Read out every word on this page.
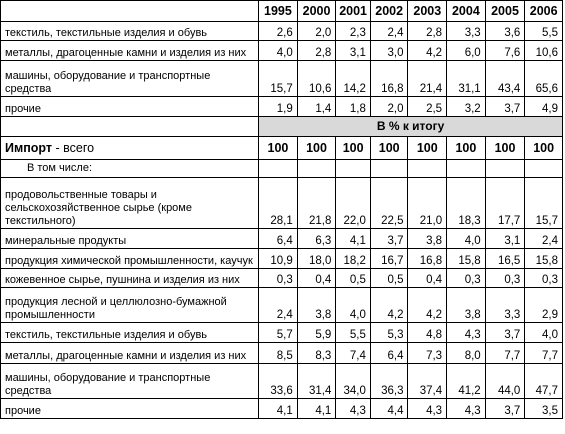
	1995	2000	2001	2002	2003	2004	2005	2006
текстиль, текстильные изделия и обувь	2,6	2,0	2,3	2,4	2,8	3,3	3,6	5,5
металлы, драгоценные камни и изделия из них	4,0	2,8	3,1	3,0	4,2	6,0	7,6	10,6
машины, оборудование и транспортные средства	15,7	10,6	14,2	16,8	21,4	31,1	43,4	65,6
прочие	1,9	1,4	1,8	2,0	2,5	3,2	3,7	4,9
	В % к итогу							
Импорт - всего	100	100	100	100	100	100	100	100
В том числе:								
продовольственные товары и сельскохозяйственное сырье (кроме текстильного)	28,1	21,8	22,0	22,5	21,0	18,3	17,7	15,7
минеральные продукты	6,4	6,3	4,1	3,7	3,8	4,0	3,1	2,4
продукция химической промышленности, каучук	10,9	18,0	18,2	16,7	16,8	15,8	16,5	15,8
кожевенное сырье, пушнина и изделия из них	0,3	0,4	0,5	0,5	0,4	0,3	0,3	0,3
продукция лесной и целлюлозно-бумажной промышленности	2,4	3,8	4,0	4,2	4,2	3,8	3,3	2,9
текстиль, текстильные изделия и обувь	5,7	5,9	5,5	5,3	4,8	4,3	3,7	4,0
металлы, драгоценные камни и изделия из них	8,5	8,3	7,4	6,4	7,3	8,0	7,7	7,7
машины, оборудование и транспортные средства	33,6	31,4	34,0	36,3	37,4	41,2	44,0	47,7
прочие	4,1	4,1	4,3	4,4	4,3	4,3	3,7	3,5
